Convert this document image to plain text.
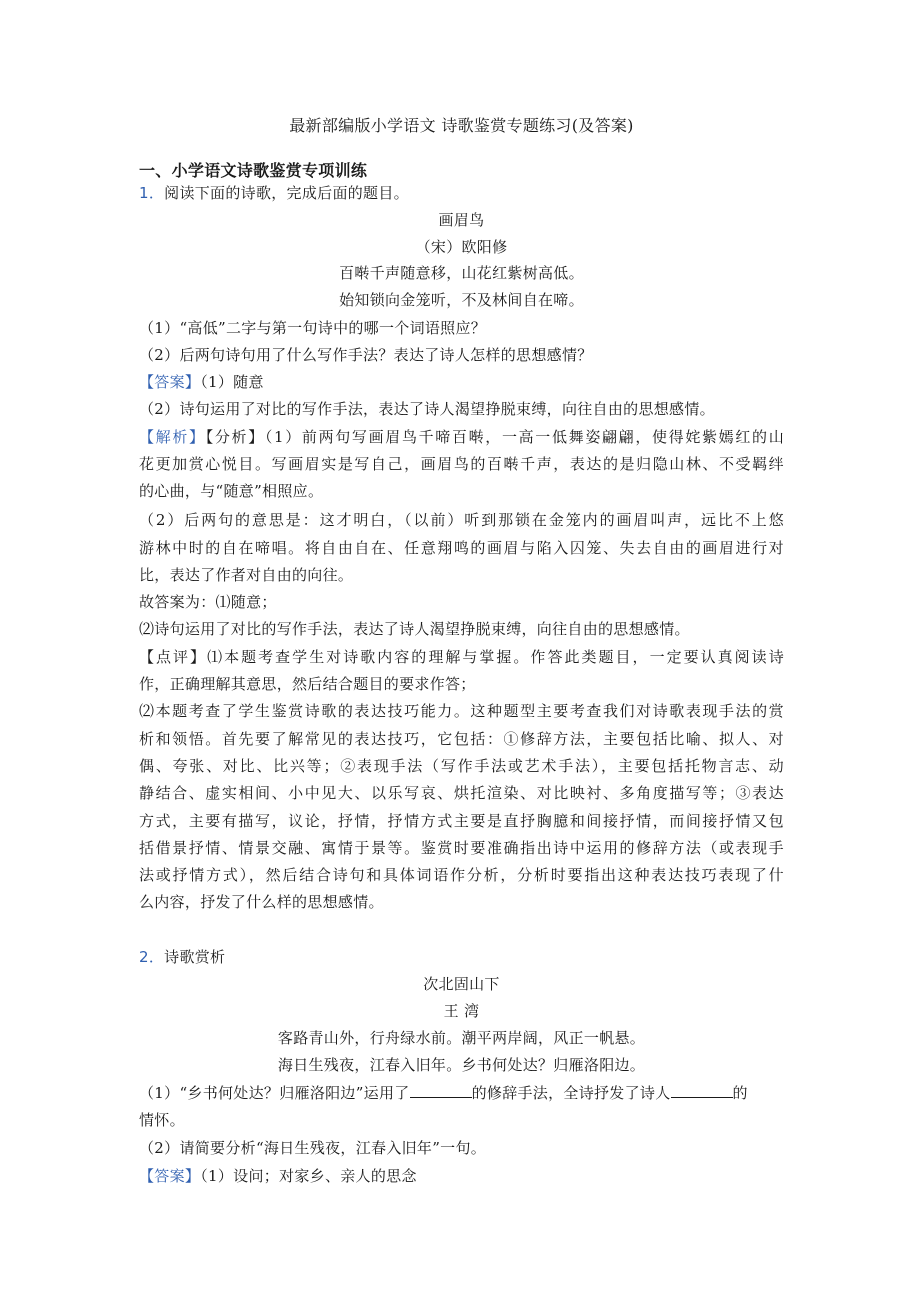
最新部编版小学语文 诗歌鉴赏专题练习(及答案)
一、小学语文诗歌鉴赏专项训练
1．阅读下面的诗歌，完成后面的题目。
画眉鸟
（宋）欧阳修
百啭千声随意移，山花红紫树高低。
始知锁向金笼听，不及林间自在啼。
（1）“高低”二字与第一句诗中的哪一个词语照应？
（2）后两句诗句用了什么写作手法？表达了诗人怎样的思想感情？
【答案】（1）随意
（2）诗句运用了对比的写作手法，表达了诗人渴望挣脱束缚，向往自由的思想感情。
【解析】【分析】（1）前两句写画眉鸟千啼百啭，一高一低舞姿翩翩，使得姹紫嫣红的山
花更加赏心悦目。写画眉实是写自己，画眉鸟的百啭千声，表达的是归隐山林、不受羁绊
的心曲，与“随意”相照应。
（2）后两句的意思是：这才明白，（以前）听到那锁在金笼内的画眉叫声，远比不上悠
游林中时的自在啼唱。将自由自在、任意翔鸣的画眉与陷入囚笼、失去自由的画眉进行对
比，表达了作者对自由的向往。
故答案为：⑴随意；
⑵诗句运用了对比的写作手法，表达了诗人渴望挣脱束缚，向往自由的思想感情。
【点评】⑴本题考查学生对诗歌内容的理解与掌握。作答此类题目，一定要认真阅读诗
作，正确理解其意思，然后结合题目的要求作答；
⑵本题考查了学生鉴赏诗歌的表达技巧能力。这种题型主要考查我们对诗歌表现手法的赏
析和领悟。首先要了解常见的表达技巧，它包括：①修辞方法，主要包括比喻、拟人、对
偶、夸张、对比、比兴等；②表现手法（写作手法或艺术手法），主要包括托物言志、动
静结合、虚实相间、小中见大、以乐写哀、烘托渲染、对比映衬、多角度描写等；③表达
方式，主要有描写，议论，抒情，抒情方式主要是直抒胸臆和间接抒情，而间接抒情又包
括借景抒情、情景交融、寓情于景等。鉴赏时要准确指出诗中运用的修辞方法（或表现手
法或抒情方式），然后结合诗句和具体词语作分析，分析时要指出这种表达技巧表现了什
么内容，抒发了什么样的思想感情。
2．诗歌赏析
次北固山下
王 湾
客路青山外，行舟绿水前。潮平两岸阔，风正一帆悬。
海日生残夜，江春入旧年。乡书何处达？归雁洛阳边。
（1）“乡书何处达？归雁洛阳边”运用了	的修辞手法，全诗抒发了诗人	的
情怀。
（2）请简要分析“海日生残夜，江春入旧年”一句。
【答案】（1）设问；对家乡、亲人的思念
